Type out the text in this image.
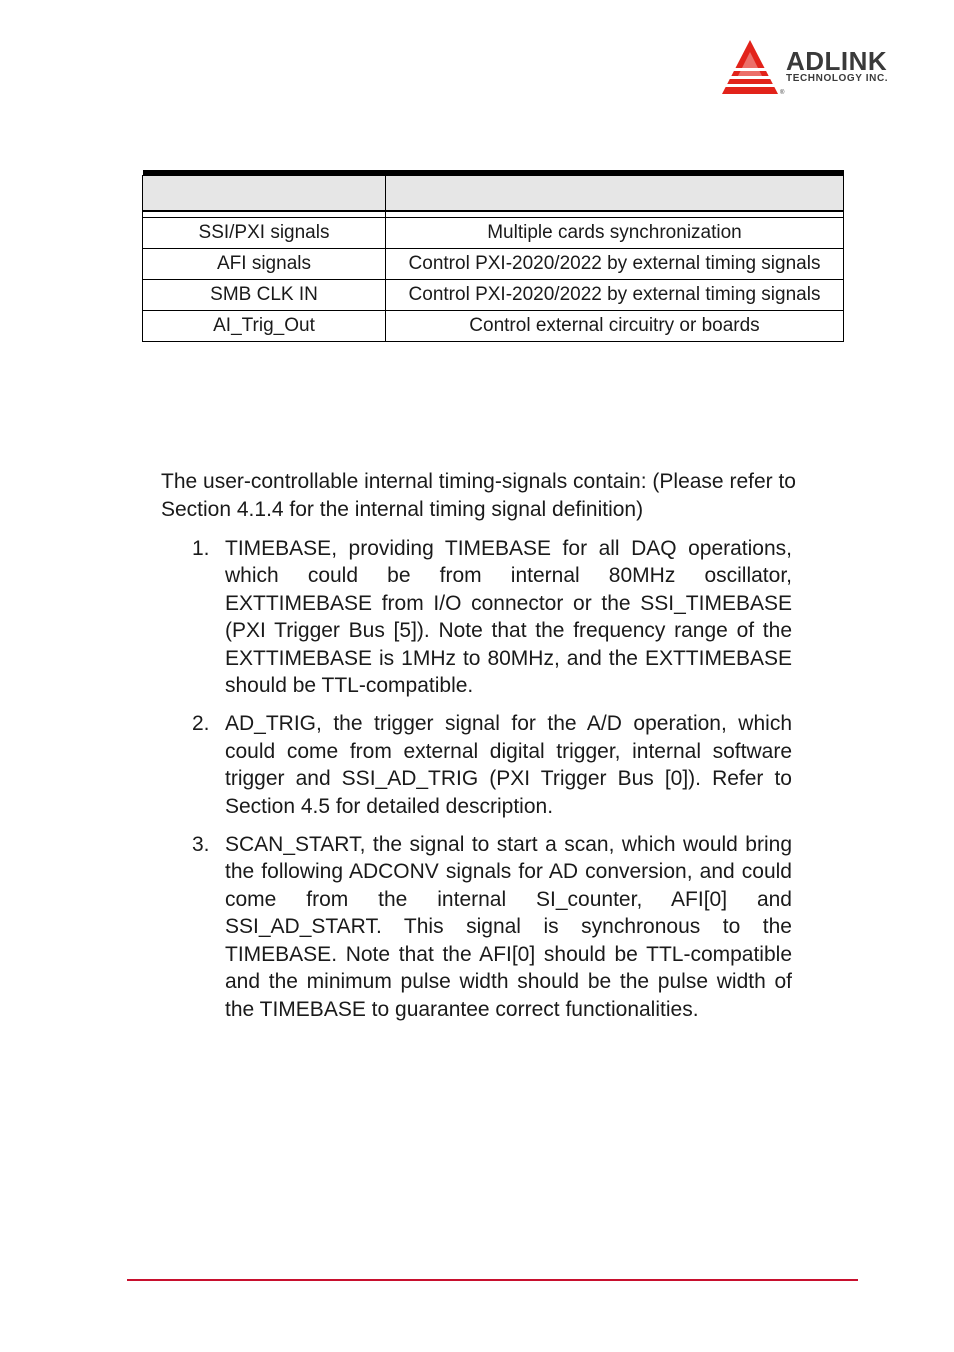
ADLINK
TECHNOLOGY INC.
®

SSI/PXI signals	Multiple cards synchronization
AFI signals	Control PXI-2020/2022 by external timing signals
SMB CLK IN	Control PXI-2020/2022 by external timing signals
AI_Trig_Out	Control external circuitry or boards

The user-controllable internal timing-signals contain: (Please refer to Section 4.1.4 for the internal timing signal definition)

1. TIMEBASE, providing TIMEBASE for all DAQ operations, which could be from internal 80MHz oscillator, EXTTIMEBASE from I/O connector or the SSI_TIMEBASE (PXI Trigger Bus [5]). Note that the frequency range of the EXTTIMEBASE is 1MHz to 80MHz, and the EXTTIMEBASE should be TTL-compatible.
2. AD_TRIG, the trigger signal for the A/D operation, which could come from external digital trigger, internal software trigger and SSI_AD_TRIG (PXI Trigger Bus [0]). Refer to Section 4.5 for detailed description.
3. SCAN_START, the signal to start a scan, which would bring the following ADCONV signals for AD conversion, and could come from the internal SI_counter, AFI[0] and SSI_AD_START. This signal is synchronous to the TIMEBASE. Note that the AFI[0] should be TTL-compatible and the minimum pulse width should be the pulse width of the TIMEBASE to guarantee correct functionalities.
